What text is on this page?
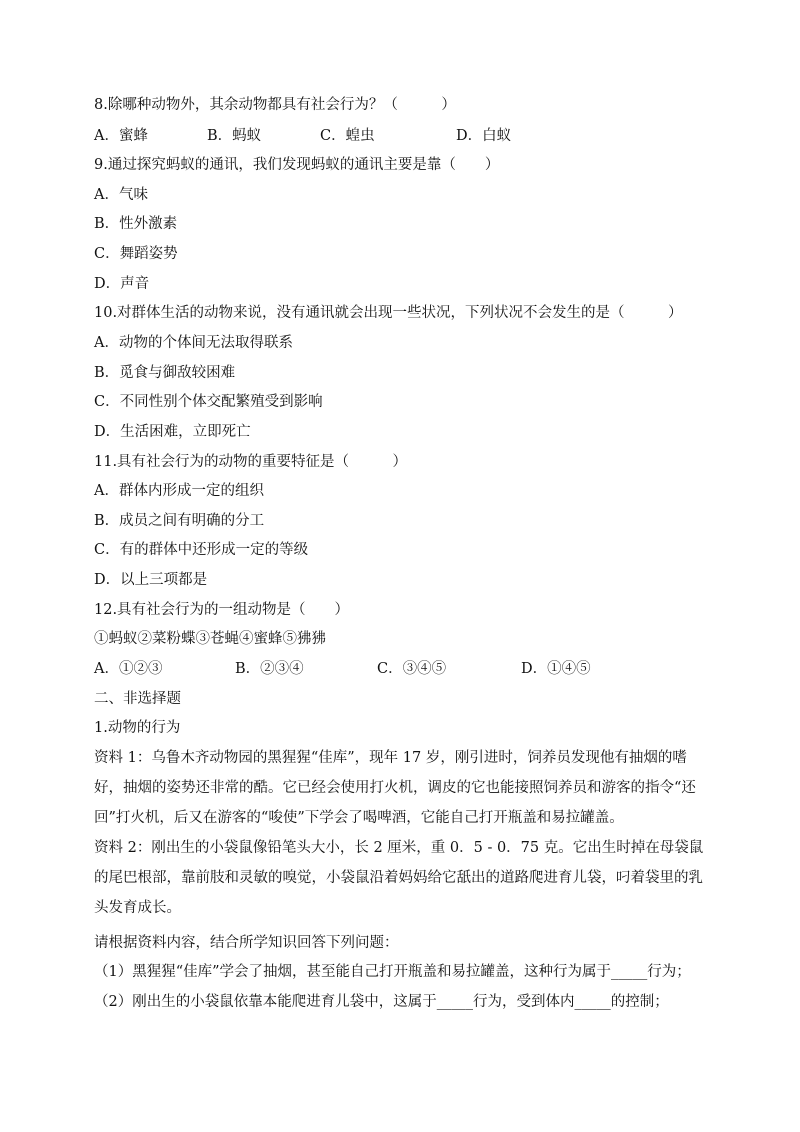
8.除哪种动物外，其余动物都具有社会行为？（　　　）
A．蜜蜂	B．蚂蚁	C．蝗虫	D．白蚁
9.通过探究蚂蚁的通讯，我们发现蚂蚁的通讯主要是靠（　　）
A．气味
B．性外激素
C．舞蹈姿势
D．声音
10.对群体生活的动物来说，没有通讯就会出现一些状况，下列状况不会发生的是（　　　）
A．动物的个体间无法取得联系
B．觅食与御敌较困难
C．不同性别个体交配繁殖受到影响
D．生活困难，立即死亡
11.具有社会行为的动物的重要特征是（　　　）
A．群体内形成一定的组织
B．成员之间有明确的分工
C．有的群体中还形成一定的等级
D．以上三项都是
12.具有社会行为的一组动物是（　　）
①蚂蚁②菜粉蝶③苍蝇④蜜蜂⑤狒狒
A．①②③	B．②③④	C．③④⑤	D．①④⑤
二、非选择题
1.动物的行为
资料 1：乌鲁木齐动物园的黑猩猩“佳库”，现年 17 岁，刚引进时，饲养员发现他有抽烟的嗜好，抽烟的姿势还非常的酷。它已经会使用打火机，调皮的它也能接照饲养员和游客的指令“还回”打火机，后又在游客的“唆使”下学会了喝啤酒，它能自己打开瓶盖和易拉罐盖。
资料 2：刚出生的小袋鼠像铅笔头大小，长 2 厘米，重 0．5 - 0．75 克。它出生时掉在母袋鼠的尾巴根部，靠前肢和灵敏的嗅觉，小袋鼠沿着妈妈给它舐出的道路爬进育儿袋，叼着袋里的乳头发育成长。
请根据资料内容，结合所学知识回答下列问题：
（1）黑猩猩“佳库”学会了抽烟，甚至能自己打开瓶盖和易拉罐盖，这种行为属于_____行为；
（2）刚出生的小袋鼠依靠本能爬进育儿袋中，这属于_____行为，受到体内_____的控制；
